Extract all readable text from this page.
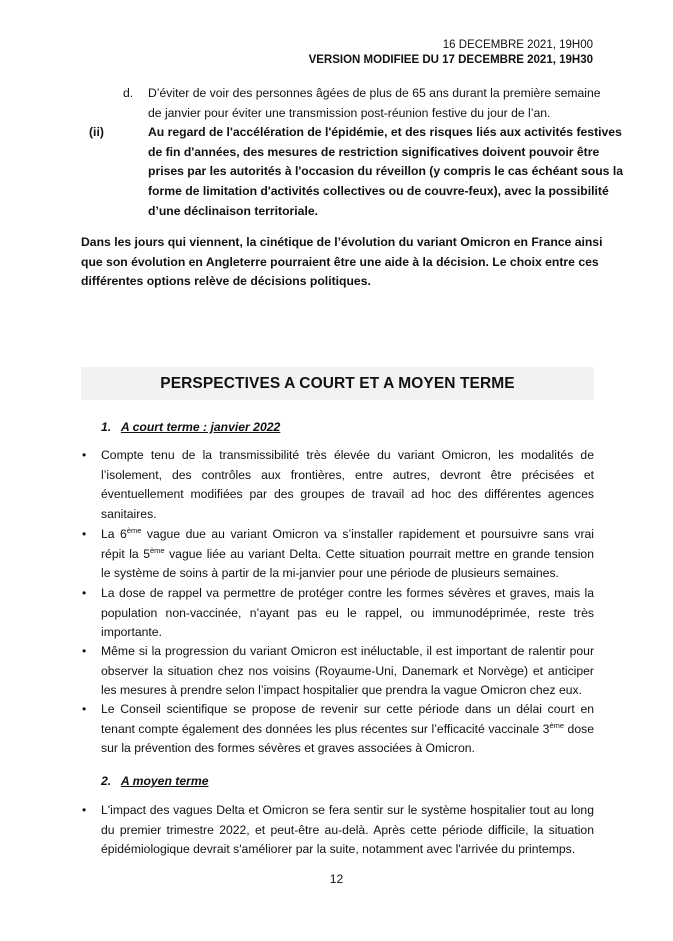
16 DECEMBRE 2021, 19H00
VERSION MODIFIEE DU 17 DECEMBRE 2021, 19H30
d. D’éviter de voir des personnes âgées de plus de 65 ans durant la première semaine
de janvier pour éviter une transmission post-réunion festive du jour de l’an.
(ii)	Au regard de l'accélération de l'épidémie, et des risques liés aux activités festives
de fin d'années, des mesures de restriction significatives doivent pouvoir être
prises par les autorités à l'occasion du réveillon (y compris le cas échéant sous la
forme de limitation d'activités collectives ou de couvre-feux), avec la possibilité
d’une déclinaison territoriale.
Dans les jours qui viennent, la cinétique de l’évolution du variant Omicron en France ainsi
que son évolution en Angleterre pourraient être une aide à la décision. Le choix entre ces
différentes options relève de décisions politiques.
PERSPECTIVES A COURT ET A MOYEN TERME
1. A court terme : janvier 2022
• Compte tenu de la transmissibilité très élevée du variant Omicron, les modalités de
l’isolement, des contrôles aux frontières, entre autres, devront être précisées et
éventuellement modifiées par des groupes de travail ad hoc des différentes agences
sanitaires.
• La 6ème vague due au variant Omicron va s’installer rapidement et poursuivre sans vrai
répit la 5ème vague liée au variant Delta. Cette situation pourrait mettre en grande tension
le système de soins à partir de la mi-janvier pour une période de plusieurs semaines.
• La dose de rappel va permettre de protéger contre les formes sévères et graves, mais la
population non-vaccinée, n’ayant pas eu le rappel, ou immunodéprimée, reste très
importante.
• Même si la progression du variant Omicron est inéluctable, il est important de ralentir pour
observer la situation chez nos voisins (Royaume-Uni, Danemark et Norvège) et anticiper
les mesures à prendre selon l’impact hospitalier que prendra la vague Omicron chez eux.
• Le Conseil scientifique se propose de revenir sur cette période dans un délai court en
tenant compte également des données les plus récentes sur l’efficacité vaccinale 3ème dose
sur la prévention des formes sévères et graves associées à Omicron.
2. A moyen terme
• L'impact des vagues Delta et Omicron se fera sentir sur le système hospitalier tout au long
du premier trimestre 2022, et peut-être au-delà. Après cette période difficile, la situation
épidémiologique devrait s'améliorer par la suite, notamment avec l'arrivée du printemps.
12
